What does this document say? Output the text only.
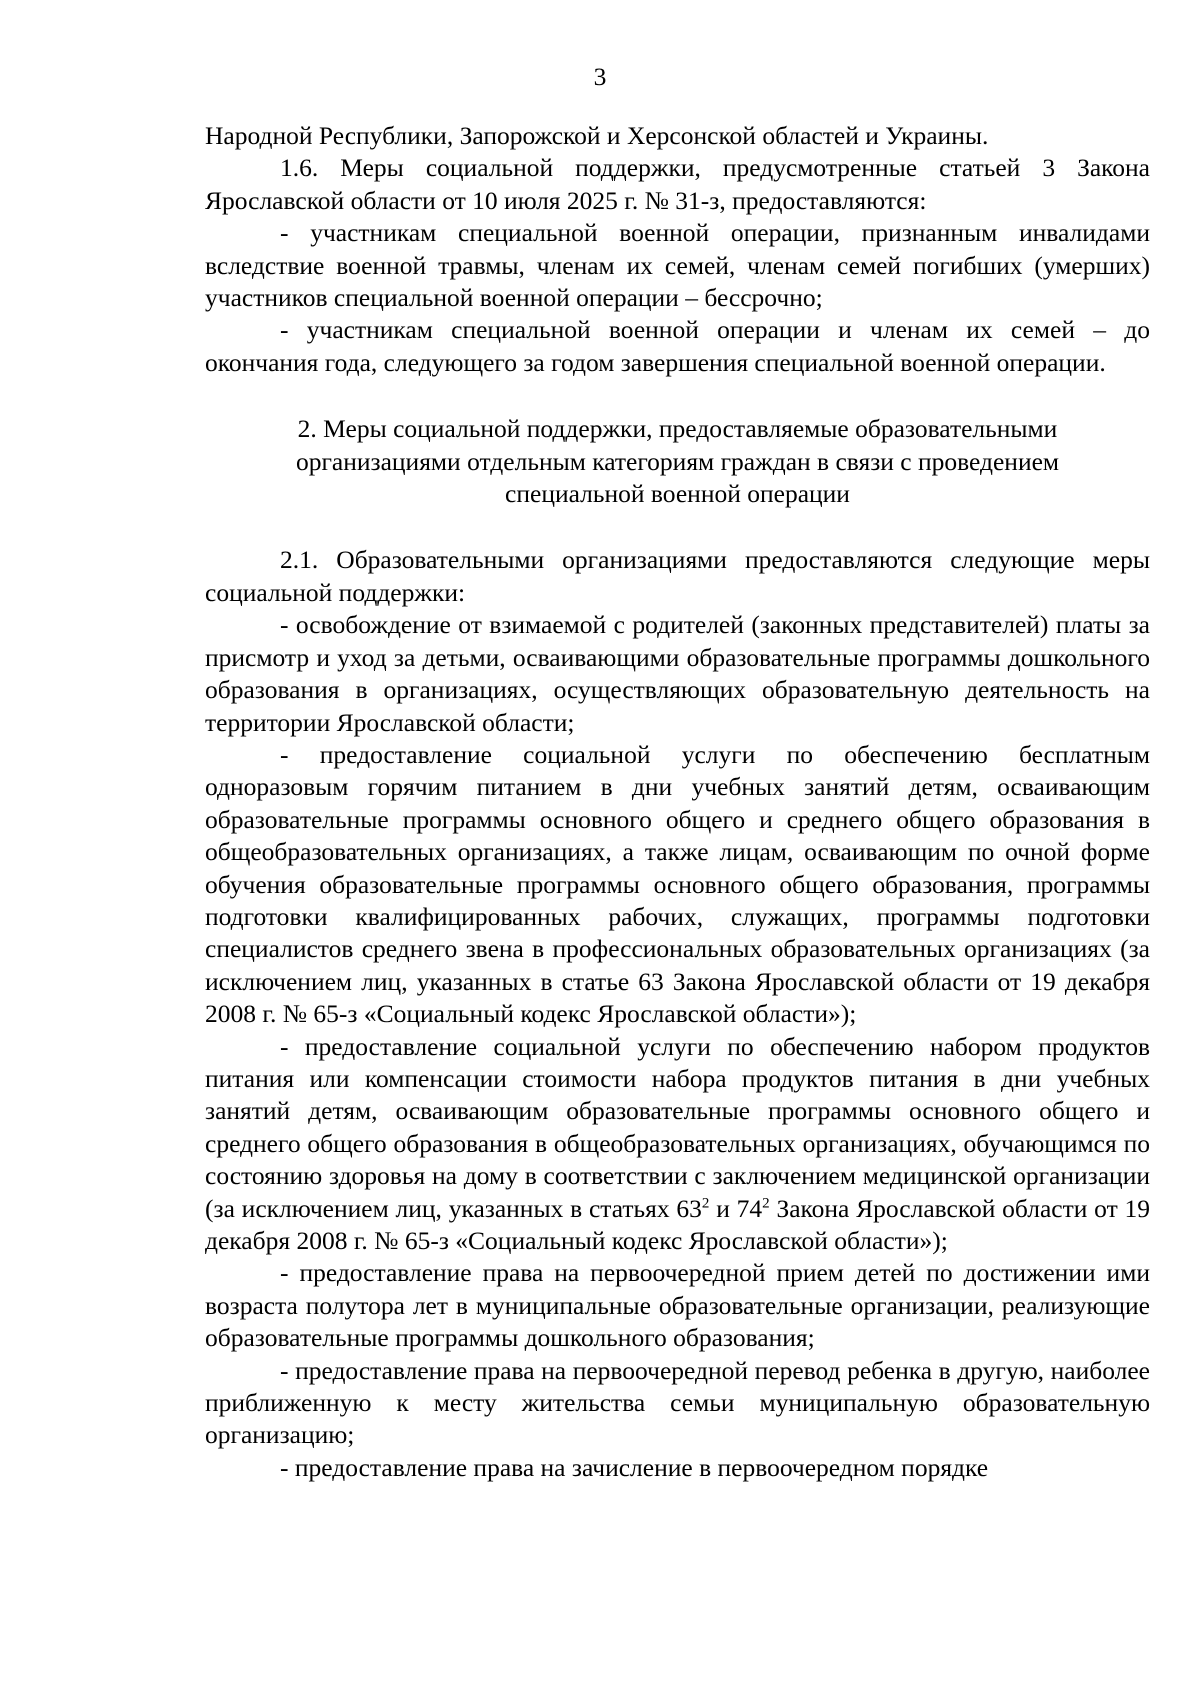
3

Народной Республики, Запорожской и Херсонской областей и Украины.

1.6. Меры социальной поддержки, предусмотренные статьей 3 Закона Ярославской области от 10 июля 2025 г. № 31-з, предоставляются:

- участникам специальной военной операции, признанным инвалидами вследствие военной травмы, членам их семей, членам семей погибших (умерших) участников специальной военной операции – бессрочно;

- участникам специальной военной операции и членам их семей – до окончания года, следующего за годом завершения специальной военной операции.

2. Меры социальной поддержки, предоставляемые образовательными

организациями отдельным категориям граждан в связи с проведением

специальной военной операции

2.1. Образовательными организациями предоставляются следующие меры социальной поддержки:

- освобождение от взимаемой с родителей (законных представителей) платы за присмотр и уход за детьми, осваивающими образовательные программы дошкольного образования в организациях, осуществляющих образовательную деятельность на территории Ярославской области;

- предоставление социальной услуги по обеспечению бесплатным одноразовым горячим питанием в дни учебных занятий детям, осваивающим образовательные программы основного общего и среднего общего образования в общеобразовательных организациях, а также лицам, осваивающим по очной форме обучения образовательные программы основного общего образования, программы подготовки квалифицированных рабочих, служащих, программы подготовки специалистов среднего звена в профессиональных образовательных организациях (за исключением лиц, указанных в статье 63 Закона Ярославской области от 19 декабря 2008 г. № 65-з «Социальный кодекс Ярославской области»);

- предоставление социальной услуги по обеспечению набором продуктов питания или компенсации стоимости набора продуктов питания в дни учебных занятий детям, осваивающим образовательные программы основного общего и среднего общего образования в общеобразовательных организациях, обучающимся по состоянию здоровья на дому в соответствии с заключением медицинской организации (за исключением лиц, указанных в статьях $63^2$ и $74^2$ Закона Ярославской области от 19 декабря 2008 г. № 65-з «Социальный кодекс Ярославской области»);

- предоставление права на первоочередной прием детей по достижении ими возраста полутора лет в муниципальные образовательные организации, реализующие образовательные программы дошкольного образования;

- предоставление права на первоочередной перевод ребенка в другую, наиболее приближенную к месту жительства семьи муниципальную образовательную организацию;

- предоставление права на зачисление в первоочередном порядке
